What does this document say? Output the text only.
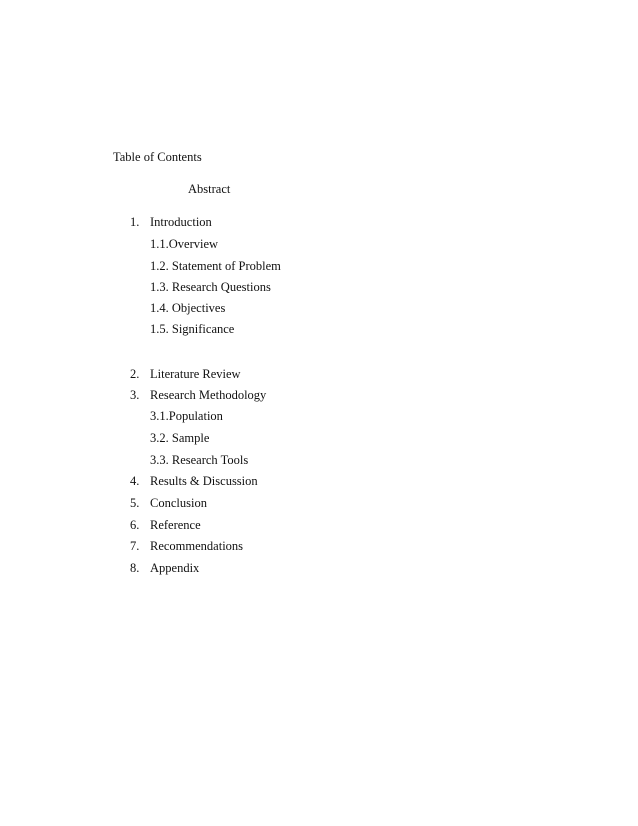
Table of Contents
Abstract
1. Introduction
1.1.Overview
1.2. Statement of Problem
1.3. Research Questions
1.4. Objectives
1.5. Significance
2. Literature Review
3. Research Methodology
3.1.Population
3.2. Sample
3.3. Research Tools
4. Results & Discussion
5. Conclusion
6. Reference
7. Recommendations
8. Appendix
